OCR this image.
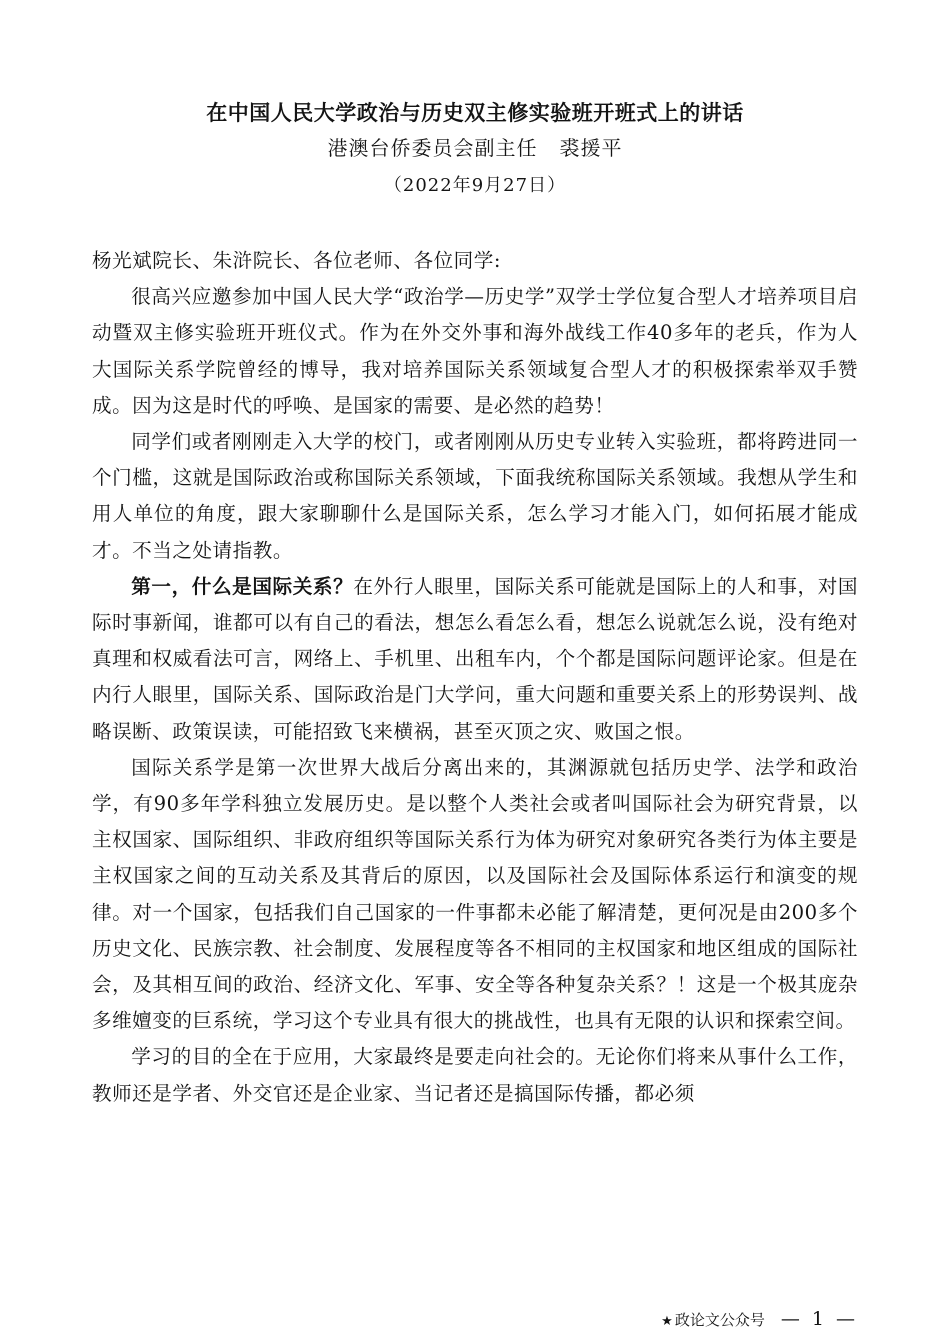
在中国人民大学政治与历史双主修实验班开班式上的讲话
港澳台侨委员会副主任 裘援平
（2022年9月27日）

杨光斌院长、朱浒院长、各位老师、各位同学:

很高兴应邀参加中国人民大学“政治学—历史学”双学士学位复合型人才培养项目启动暨双主修实验班开班仪式。作为在外交外事和海外战线工作40多年的老兵，作为人大国际关系学院曾经的博导，我对培养国际关系领域复合型人才的积极探索举双手赞成。因为这是时代的呼唤、是国家的需要、是必然的趋势！

同学们或者刚刚走入大学的校门，或者刚刚从历史专业转入实验班，都将跨进同一个门槛，这就是国际政治或称国际关系领域，下面我统称国际关系领域。我想从学生和用人单位的角度，跟大家聊聊什么是国际关系，怎么学习才能入门，如何拓展才能成才。不当之处请指教。

第一，什么是国际关系？在外行人眼里，国际关系可能就是国际上的人和事，对国际时事新闻，谁都可以有自己的看法，想怎么看怎么看，想怎么说就怎么说，没有绝对真理和权威看法可言，网络上、手机里、出租车内，个个都是国际问题评论家。但是在内行人眼里，国际关系、国际政治是门大学问，重大问题和重要关系上的形势误判、战略误断、政策误读，可能招致飞来横祸，甚至灭顶之灾、败国之恨。

国际关系学是第一次世界大战后分离出来的，其渊源就包括历史学、法学和政治学，有90多年学科独立发展历史。是以整个人类社会或者叫国际社会为研究背景，以主权国家、国际组织、非政府组织等国际关系行为体为研究对象研究各类行为体主要是主权国家之间的互动关系及其背后的原因，以及国际社会及国际体系运行和演变的规律。对一个国家，包括我们自己国家的一件事都未必能了解清楚，更何况是由200多个历史文化、民族宗教、社会制度、发展程度等各不相同的主权国家和地区组成的国际社会，及其相互间的政治、经济文化、军事、安全等各种复杂关系？！这是一个极其庞杂多维嬗变的巨系统，学习这个专业具有很大的挑战性，也具有无限的认识和探索空间。

学习的目的全在于应用，大家最终是要走向社会的。无论你们将来从事什么工作，教师还是学者、外交官还是企业家、当记者还是搞国际传播，都必须

★ 政论文公众号 — 1 —
